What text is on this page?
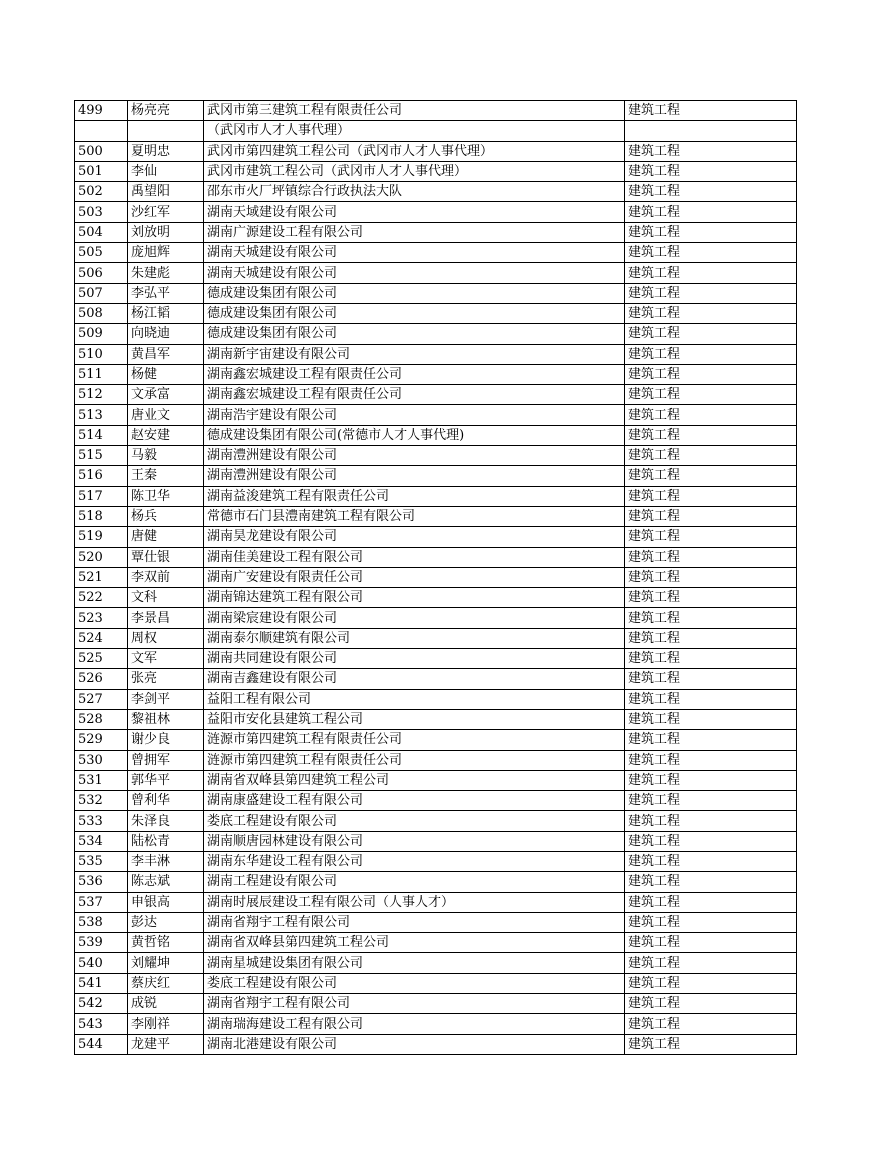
499	杨亮亮	武冈市第三建筑工程有限责任公司	建筑工程
		（武冈市人才人事代理）	
500	夏明忠	武冈市第四建筑工程公司（武冈市人才人事代理）	建筑工程
501	李仙	武冈市建筑工程公司（武冈市人才人事代理）	建筑工程
502	禹望阳	邵东市火厂坪镇综合行政执法大队	建筑工程
503	沙红军	湖南天域建设有限公司	建筑工程
504	刘放明	湖南广源建设工程有限公司	建筑工程
505	庞旭辉	湖南天城建设有限公司	建筑工程
506	朱建彪	湖南天城建设有限公司	建筑工程
507	李弘平	德成建设集团有限公司	建筑工程
508	杨江韬	德成建设集团有限公司	建筑工程
509	向晓迪	德成建设集团有限公司	建筑工程
510	黄昌军	湖南新宇宙建设有限公司	建筑工程
511	杨健	湖南鑫宏城建设工程有限责任公司	建筑工程
512	文承富	湖南鑫宏城建设工程有限责任公司	建筑工程
513	唐业文	湖南浩宇建设有限公司	建筑工程
514	赵安建	德成建设集团有限公司(常德市人才人事代理)	建筑工程
515	马毅	湖南澧洲建设有限公司	建筑工程
516	王秦	湖南澧洲建设有限公司	建筑工程
517	陈卫华	湖南益浚建筑工程有限责任公司	建筑工程
518	杨兵	常德市石门县澧南建筑工程有限公司	建筑工程
519	唐健	湖南昊龙建设有限公司	建筑工程
520	覃仕银	湖南佳美建设工程有限公司	建筑工程
521	李双前	湖南广安建设有限责任公司	建筑工程
522	文科	湖南锦达建筑工程有限公司	建筑工程
523	李景昌	湖南梁宸建设有限公司	建筑工程
524	周权	湖南泰尔顺建筑有限公司	建筑工程
525	文军	湖南共同建设有限公司	建筑工程
526	张亮	湖南吉鑫建设有限公司	建筑工程
527	李剑平	益阳工程有限公司	建筑工程
528	黎祖林	益阳市安化县建筑工程公司	建筑工程
529	谢少良	涟源市第四建筑工程有限责任公司	建筑工程
530	曾拥军	涟源市第四建筑工程有限责任公司	建筑工程
531	郭华平	湖南省双峰县第四建筑工程公司	建筑工程
532	曾利华	湖南康盛建设工程有限公司	建筑工程
533	朱泽良	娄底工程建设有限公司	建筑工程
534	陆松青	湖南顺唐园林建设有限公司	建筑工程
535	李丰淋	湖南东华建设工程有限公司	建筑工程
536	陈志斌	湖南工程建设有限公司	建筑工程
537	申银高	湖南时展辰建设工程有限公司（人事人才）	建筑工程
538	彭达	湖南省翔宇工程有限公司	建筑工程
539	黄哲铭	湖南省双峰县第四建筑工程公司	建筑工程
540	刘耀坤	湖南星城建设集团有限公司	建筑工程
541	蔡庆红	娄底工程建设有限公司	建筑工程
542	成锐	湖南省翔宇工程有限公司	建筑工程
543	李刚祥	湖南瑞海建设工程有限公司	建筑工程
544	龙建平	湖南北港建设有限公司	建筑工程
